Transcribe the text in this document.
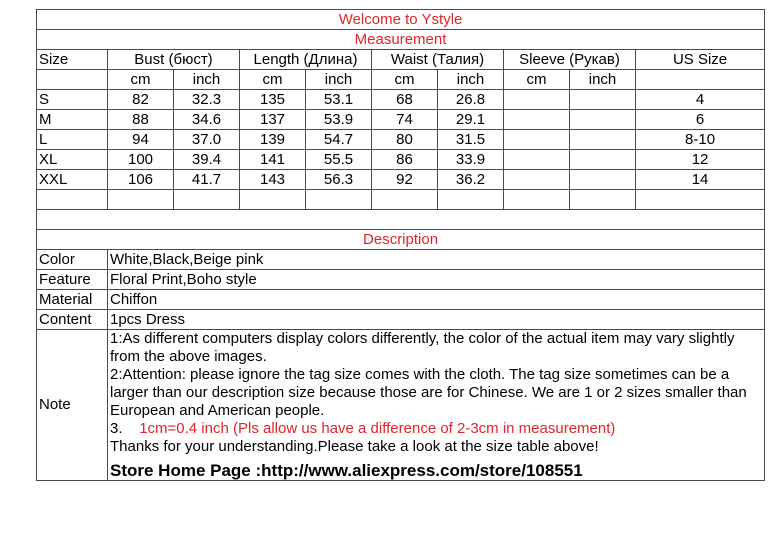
Welcome to Ystyle									
Measurement									
Size	Bust (бюст)		Length (Длина)		Waist (Талия)		Sleeve (Рукав)		US Size
	cm	inch	cm	inch	cm	inch	cm	inch	
S	82	32.3	135	53.1	68	26.8			4
M	88	34.6	137	53.9	74	29.1			6
L	94	37.0	139	54.7	80	31.5			8-10
XL	100	39.4	141	55.5	86	33.9			12
XXL	106	41.7	143	56.3	92	36.2			14

Description									
Color	White,Black,Beige pink								
Feature	Floral Print,Boho style								
Material	Chiffon								
Content	1pcs Dress								
Note	1:As different computers display colors differently, the color of the actual item may vary slightly from the above images.
2:Attention: please ignore the tag size comes with the cloth. The tag size sometimes can be a larger than our description size because those are for Chinese. We are 1 or 2 sizes smaller than European and American people.
3. 1cm=0.4 inch (Pls allow us have a difference of 2-3cm in measurement)
Thanks for your understanding.Please take a look at the size table above!
Store Home Page :http://www.aliexpress.com/store/108551								
